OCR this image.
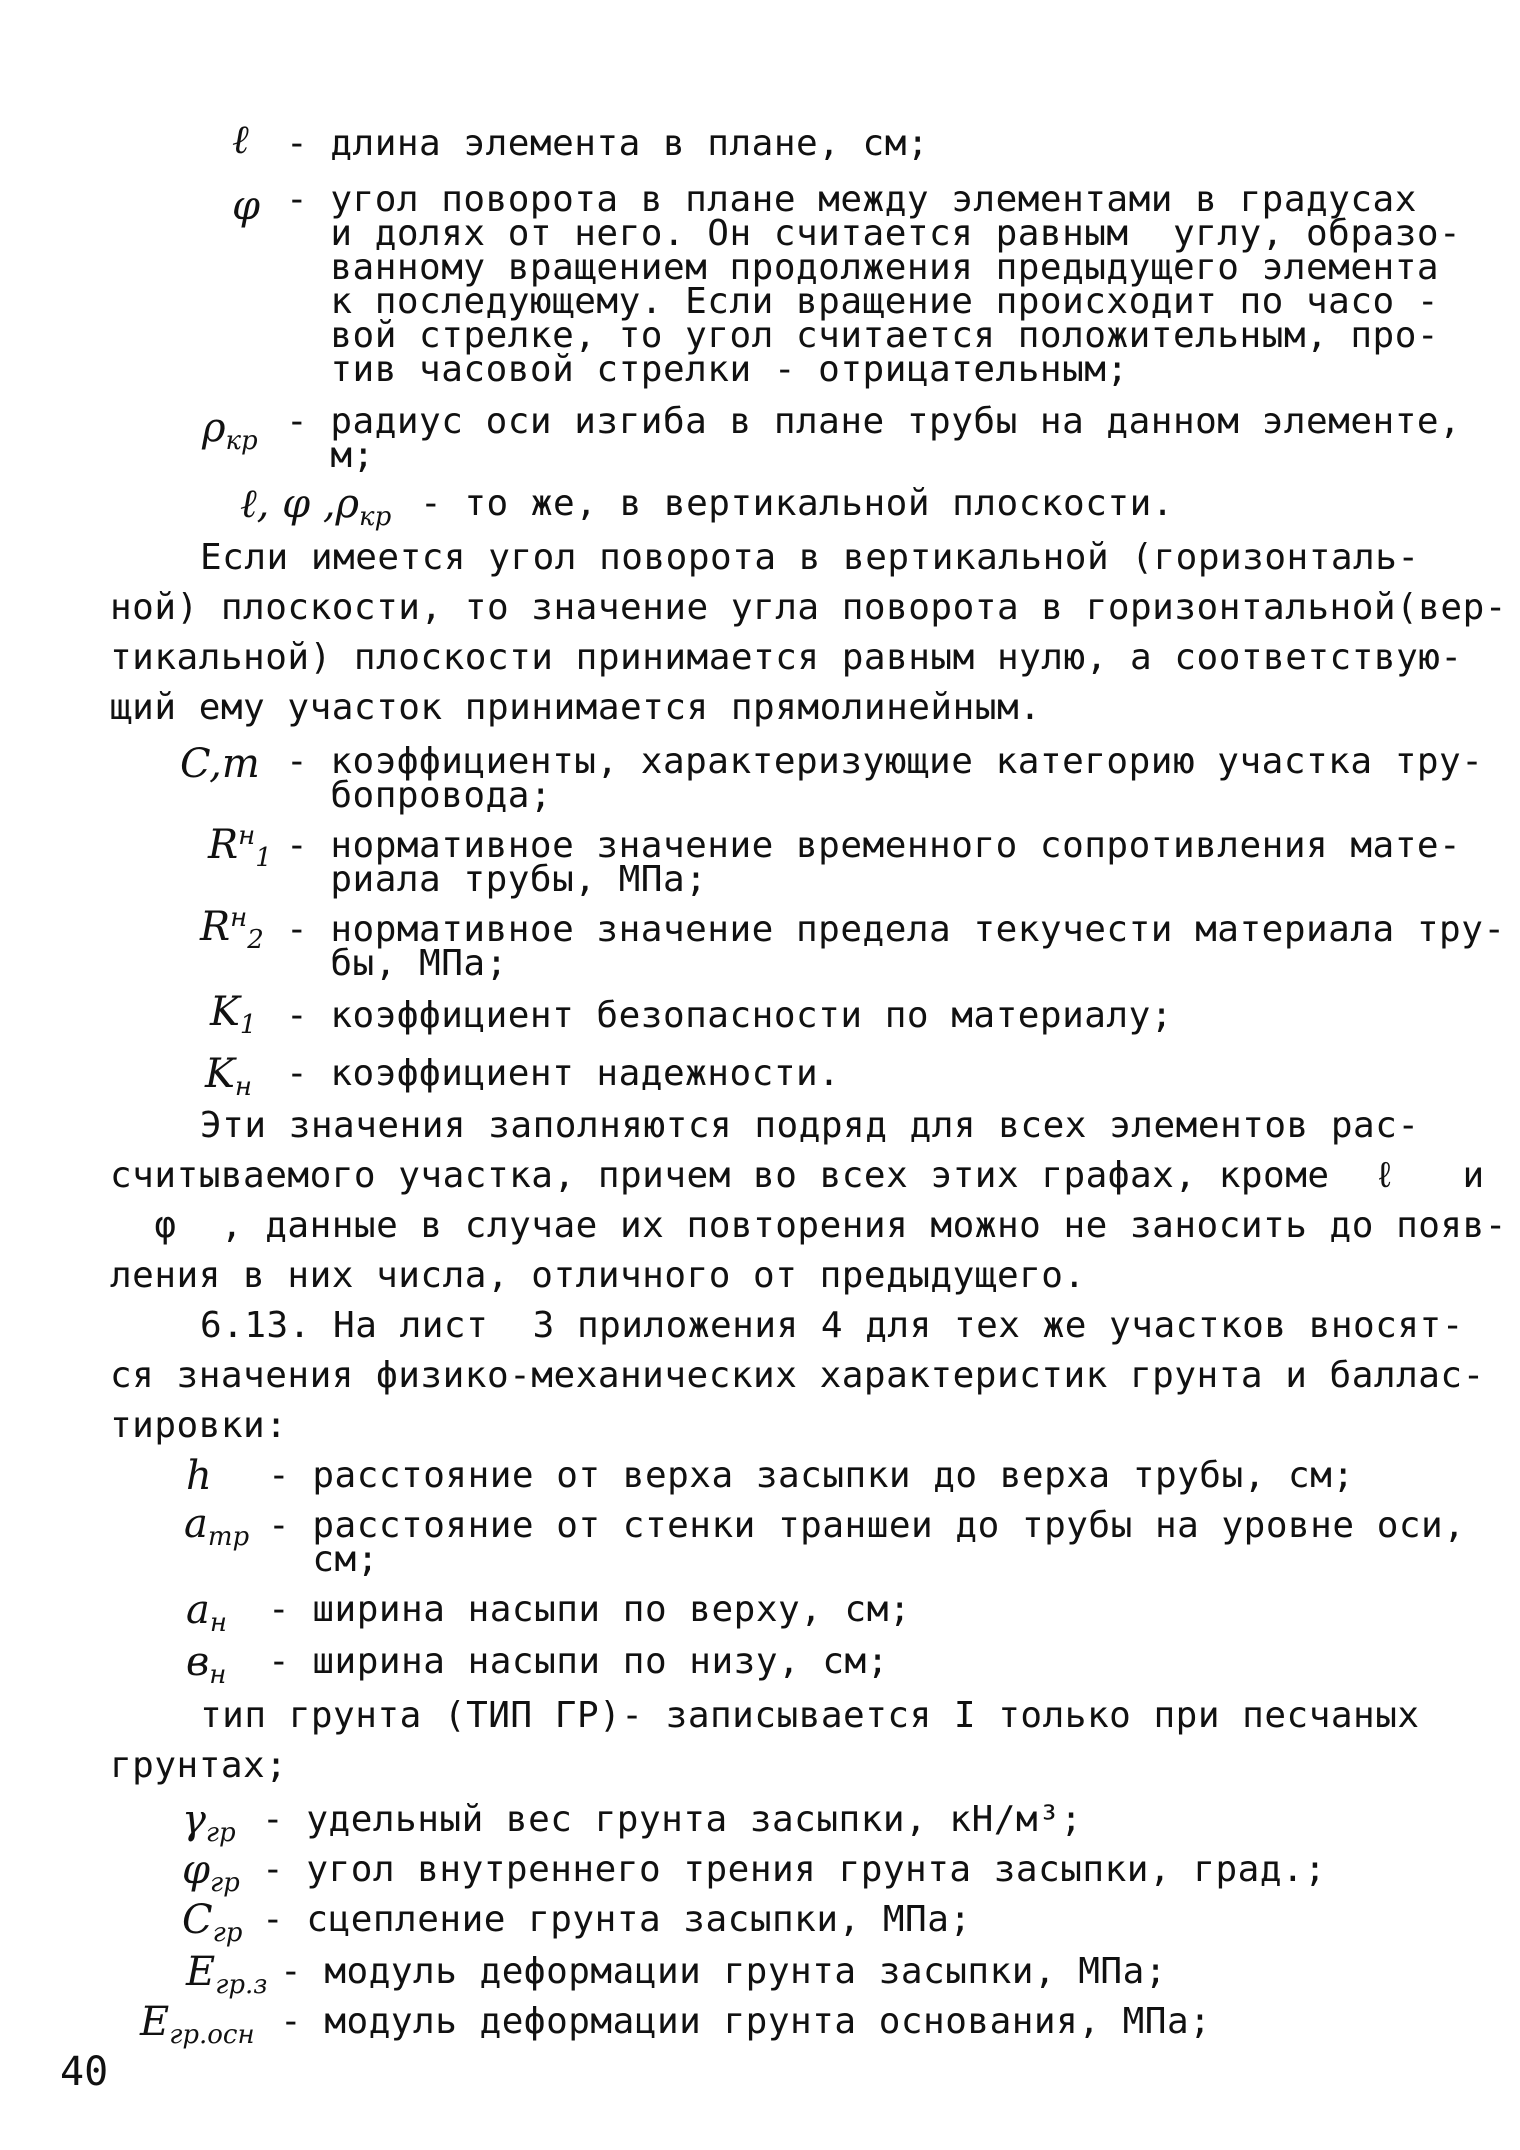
ℓ - длина элемента в плане, см;
φ - угол поворота в плане между элементами в градусах
и долях от него. Он считается равным  углу, образо-
ванному вращением продолжения предыдущего элемента
к последующему. Если вращение происходит по часо -
вой стрелке, то угол считается положительным, про-
тив часовой стрелки - отрицательным;
$\rho_{кр}$ - радиус оси изгиба в плане трубы на данном элементе,
м;
ℓ, φ $,\rho_{кр}$ - то же, в вертикальной плоскости.
Если имеется угол поворота в вертикальной (горизонталь-
ной) плоскости, то значение угла поворота в горизонтальной(вер-
тикальной) плоскости принимается равным нулю, а соответствую-
щий ему участок принимается прямолинейным.
C,m - коэффициенты, характеризующие категорию участка тру-
бопровода;
$R^н_1$ - нормативное значение временного сопротивления мате-
риала трубы, МПа;
$R^н_2$ - нормативное значение предела текучести материала тру-
бы, МПа;
$K_1$ - коэффициент безопасности по материалу;
$K_н$ - коэффициент надежности.
Эти значения заполняются подряд для всех элементов рас-
считываемого участка, причем во всех этих графах, кроме  ℓ   и
φ  , данные в случае их повторения можно не заносить до появ-
ления в них числа, отличного от предыдущего.
6.13. На лист  3 приложения 4 для тех же участков вносят-
ся значения физико-механических характеристик грунта и баллас-
тировки:
h - расстояние от верха засыпки до верха трубы, см;
$a_{тр}$ - расстояние от стенки траншеи до трубы на уровне оси,
см;
$a_н$ - ширина насыпи по верху, см;
$в_н$ - ширина насыпи по низу, см;
тип грунта (ТИП ГР)- записывается I только при песчаных
грунтах;
$\gamma_{гр}$ - удельный вес грунта засыпки, кН/м³;
$\varphi_{гр}$ - угол внутреннего трения грунта засыпки, град.;
$C_{гр}$ - сцепление грунта засыпки, МПа;
$E_{гр.з}$ - модуль деформации грунта засыпки, МПа;
$E_{гр.осн}$ - модуль деформации грунта основания, МПа;
40
